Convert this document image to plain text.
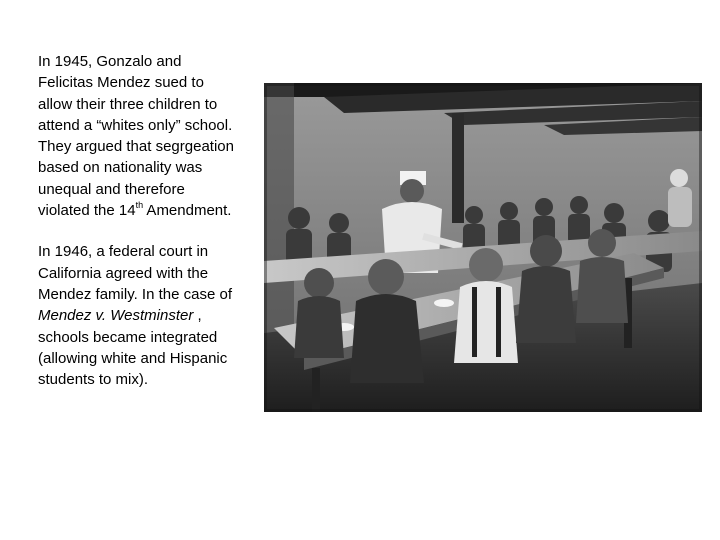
In 1945, Gonzalo and Felicitas Mendez sued to allow their three children to attend a “whites only” school. They argued that segrgeation based on nationality was unequal and therefore violated the 14th Amendment.

In 1946, a federal court in California agreed with the Mendez family. In the case of Mendez v. Westminster , schools became integrated (allowing white and Hispanic students to mix).
